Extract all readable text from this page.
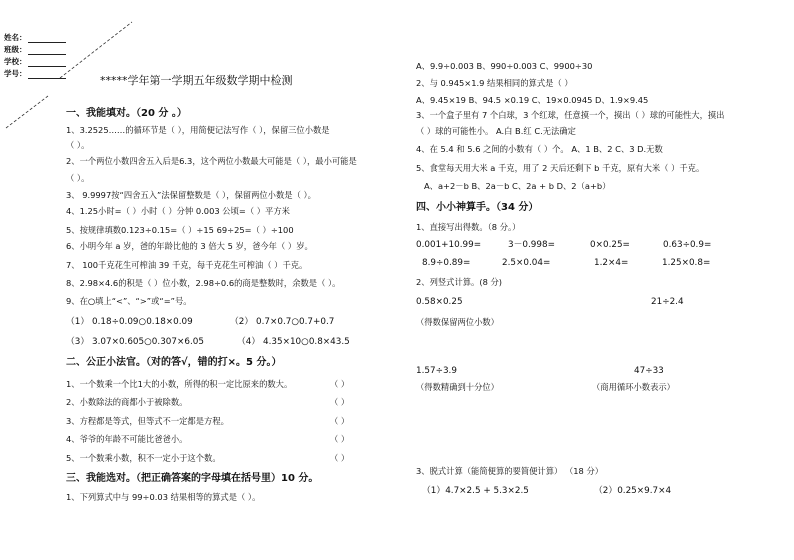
姓名：
班级：
学校：
学号：
*****学年第一学期五年级数学期中检测
一、我能填对。（20 分 。）
1、3.2525……的循环节是（ ），用简便记法写作（ ），保留三位小数是
（ ）。
2、一个两位小数四舍五入后是6.3，这个两位小数最大可能是（ ），最小可能是
（ ）。
3、 9.9997按“四舍五入”法保留整数是（ ），保留两位小数是（ ）。
4、1.25小时=（ ）小时（ ）分钟 0.003 公顷=（ ）平方米
5、按规律填数0.123÷0.15=（ ）÷15 69÷25=（ ）÷100
6、小明今年 a 岁，爸的年龄比他的 3 倍大 5 岁，爸今年（ ）岁。
7、 100千克花生可榨油 39 千克，每千克花生可榨油（ ）千克。
8、2.98×4.6的积是（ ）位小数，2.98÷0.6的商是整数时，余数是（ ）。
9、在○填上“<”、“>”或“=”号。
（1） 0.18÷0.09○0.18×0.09	（2） 0.7×0.7○0.7+0.7
（3） 3.07×0.605○0.307×6.05	（4） 4.35×10○0.8×43.5
二、公正小法官。（对的答√，错的打×。5 分。）
1、一个数乘一个比1大的小数，所得的积一定比原来的数大。	（ ）
2、小数除法的商都小于被除数。	（ ）
3、方程都是等式，但等式不一定都是方程。	（ ）
4、爷爷的年龄不可能比爸爸小。	（ ）
5、一个数乘小数，积不一定小于这个数。	（ ）
三、我能选对。（把正确答案的字母填在括号里）10 分。
1、下列算式中与 99÷0.03 结果相等的算式是（ ）。
A、9.9÷0.003 B、990÷0.003 C、9900÷30
2、与 0.945×1.9 结果相同的算式是（ ）
A、9.45×19 B、94.5 ×0.19 C、19×0.0945 D、1.9×9.45
3、一个盒子里有 7 个白球，3 个红球，任意摸一个，摸出（ ）球的可能性大，摸出
（ ）球的可能性小。 A.白 B.红 C.无法确定
4、在 5.4 和 5.6 之间的小数有（ ）个。 A、1 B、2 C、3 D.无数
5、食堂每天用大米 a 千克，用了 2 天后还剩下 b 千克，原有大米（ ）千克。
A、a+2－b B、2a－b C、2a + b D、2（a+b）
四、小小神算手。（34 分）
1、直接写出得数。（8 分。）
0.001+10.99=	3－0.998=	0×0.25=	0.63÷0.9=
8.9÷0.89=	2.5×0.04=	1.2×4=	1.25×0.8=
2、列竖式计算。(8 分)
0.58×0.25	21÷2.4
（得数保留两位小数）
1.57÷3.9	47÷33
（得数精确到十分位）	（商用循环小数表示）
3、脱式计算（能简便算的要简便计算） （18 分）
（1）4.7×2.5 + 5.3×2.5	（2）0.25×9.7×4
